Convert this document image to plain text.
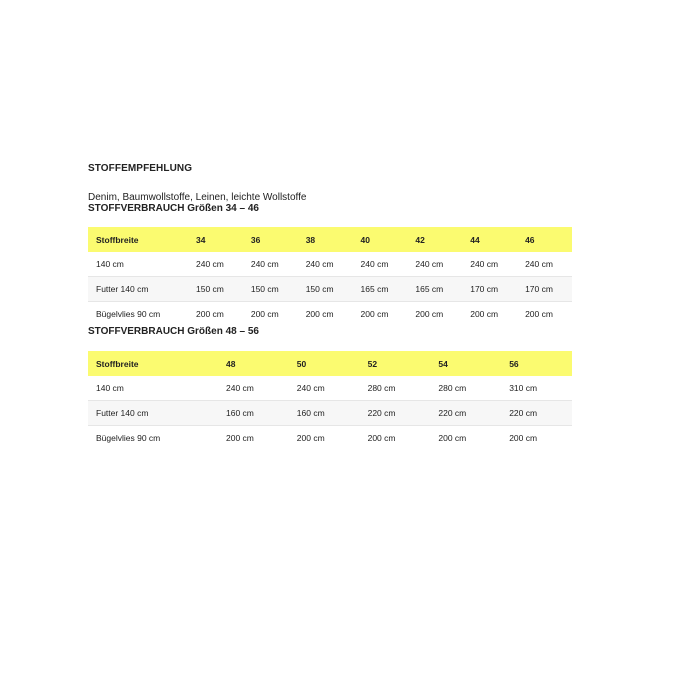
STOFFEMPFEHLUNG

Denim, Baumwollstoffe, Leinen, leichte Wollstoffe

STOFFVERBRAUCH Größen 34 – 46
Stoffbreite	34	36	38	40	42	44	46
140 cm	240 cm	240 cm	240 cm	240 cm	240 cm	240 cm	240 cm
Futter 140 cm	150 cm	150 cm	150 cm	165 cm	165 cm	170 cm	170 cm
Bügelvlies 90 cm	200 cm	200 cm	200 cm	200 cm	200 cm	200 cm	200 cm
STOFFVERBRAUCH Größen 48 – 56
Stoffbreite	48	50	52	54	56
140 cm	240 cm	240 cm	280 cm	280 cm	310 cm
Futter 140 cm	160 cm	160 cm	220 cm	220 cm	220 cm
Bügelvlies 90 cm	200 cm	200 cm	200 cm	200 cm	200 cm
